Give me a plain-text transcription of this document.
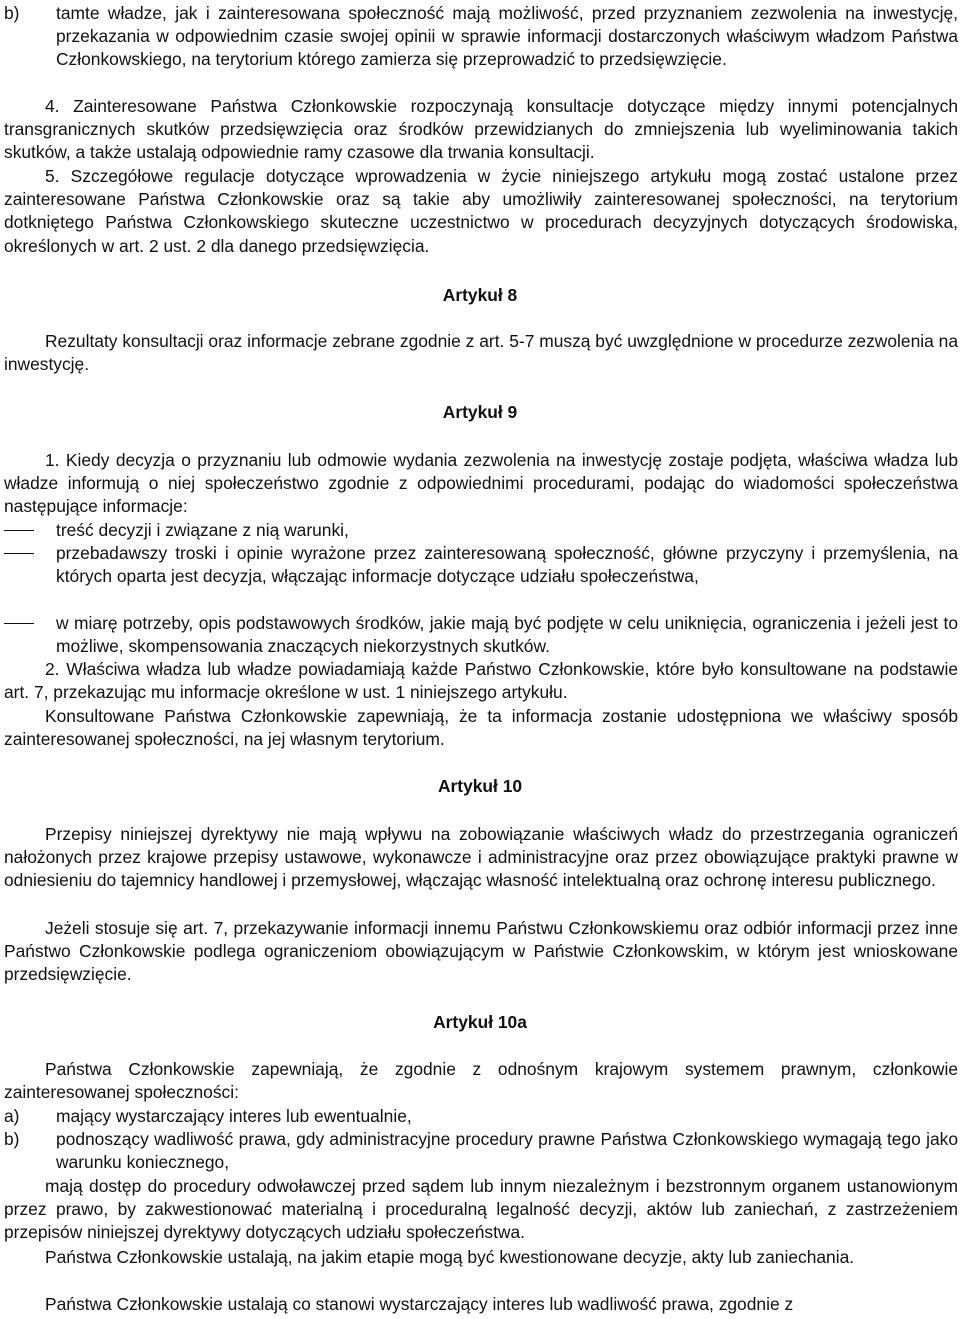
b) tamte władze, jak i zainteresowana społeczność mają możliwość, przed przyznaniem zezwolenia na inwestycję, przekazania w odpowiednim czasie swojej opinii w sprawie informacji dostarczonych właściwym władzom Państwa Członkowskiego, na terytorium którego zamierza się przeprowadzić to przedsięwzięcie.

4. Zainteresowane Państwa Członkowskie rozpoczynają konsultacje dotyczące między innymi potencjalnych transgranicznych skutków przedsięwzięcia oraz środków przewidzianych do zmniejszenia lub wyeliminowania takich skutków, a także ustalają odpowiednie ramy czasowe dla trwania konsultacji.

5. Szczegółowe regulacje dotyczące wprowadzenia w życie niniejszego artykułu mogą zostać ustalone przez zainteresowane Państwa Członkowskie oraz są takie aby umożliwiły zainteresowanej społeczności, na terytorium dotkniętego Państwa Członkowskiego skuteczne uczestnictwo w procedurach decyzyjnych dotyczących środowiska, określonych w art. 2 ust. 2 dla danego przedsięwzięcia.

Artykuł 8

Rezultaty konsultacji oraz informacje zebrane zgodnie z art. 5-7 muszą być uwzględnione w procedurze zezwolenia na inwestycję.

Artykuł 9

1. Kiedy decyzja o przyznaniu lub odmowie wydania zezwolenia na inwestycję zostaje podjęta, właściwa władza lub władze informują o niej społeczeństwo zgodnie z odpowiednimi procedurami, podając do wiadomości społeczeństwa następujące informacje:

treść decyzji i związane z nią warunki,
przebadawszy troski i opinie wyrażone przez zainteresowaną społeczność, główne przyczyny i przemyślenia, na których oparta jest decyzja, włączając informacje dotyczące udziału społeczeństwa,
w miarę potrzeby, opis podstawowych środków, jakie mają być podjęte w celu uniknięcia, ograniczenia i jeżeli jest to możliwe, skompensowania znaczących niekorzystnych skutków.

2. Właściwa władza lub władze powiadamiają każde Państwo Członkowskie, które było konsultowane na podstawie art. 7, przekazując mu informacje określone w ust. 1 niniejszego artykułu.

Konsultowane Państwa Członkowskie zapewniają, że ta informacja zostanie udostępniona we właściwy sposób zainteresowanej społeczności, na jej własnym terytorium.

Artykuł 10

Przepisy niniejszej dyrektywy nie mają wpływu na zobowiązanie właściwych władz do przestrzegania ograniczeń nałożonych przez krajowe przepisy ustawowe, wykonawcze i administracyjne oraz przez obowiązujące praktyki prawne w odniesieniu do tajemnicy handlowej i przemysłowej, włączając własność intelektualną oraz ochronę interesu publicznego.

Jeżeli stosuje się art. 7, przekazywanie informacji innemu Państwu Członkowskiemu oraz odbiór informacji przez inne Państwo Członkowskie podlega ograniczeniom obowiązującym w Państwie Członkowskim, w którym jest wnioskowane przedsięwzięcie.

Artykuł 10a

Państwa Członkowskie zapewniają, że zgodnie z odnośnym krajowym systemem prawnym, członkowie zainteresowanej społeczności:

a) mający wystarczający interes lub ewentualnie,
b) podnoszący wadliwość prawa, gdy administracyjne procedury prawne Państwa Członkowskiego wymagają tego jako warunku koniecznego,

mają dostęp do procedury odwoławczej przed sądem lub innym niezależnym i bezstronnym organem ustanowionym przez prawo, by zakwestionować materialną i proceduralną legalność decyzji, aktów lub zaniechań, z zastrzeżeniem przepisów niniejszej dyrektywy dotyczących udziału społeczeństwa.

Państwa Członkowskie ustalają, na jakim etapie mogą być kwestionowane decyzje, akty lub zaniechania.

Państwa Członkowskie ustalają co stanowi wystarczający interes lub wadliwość prawa, zgodnie z
